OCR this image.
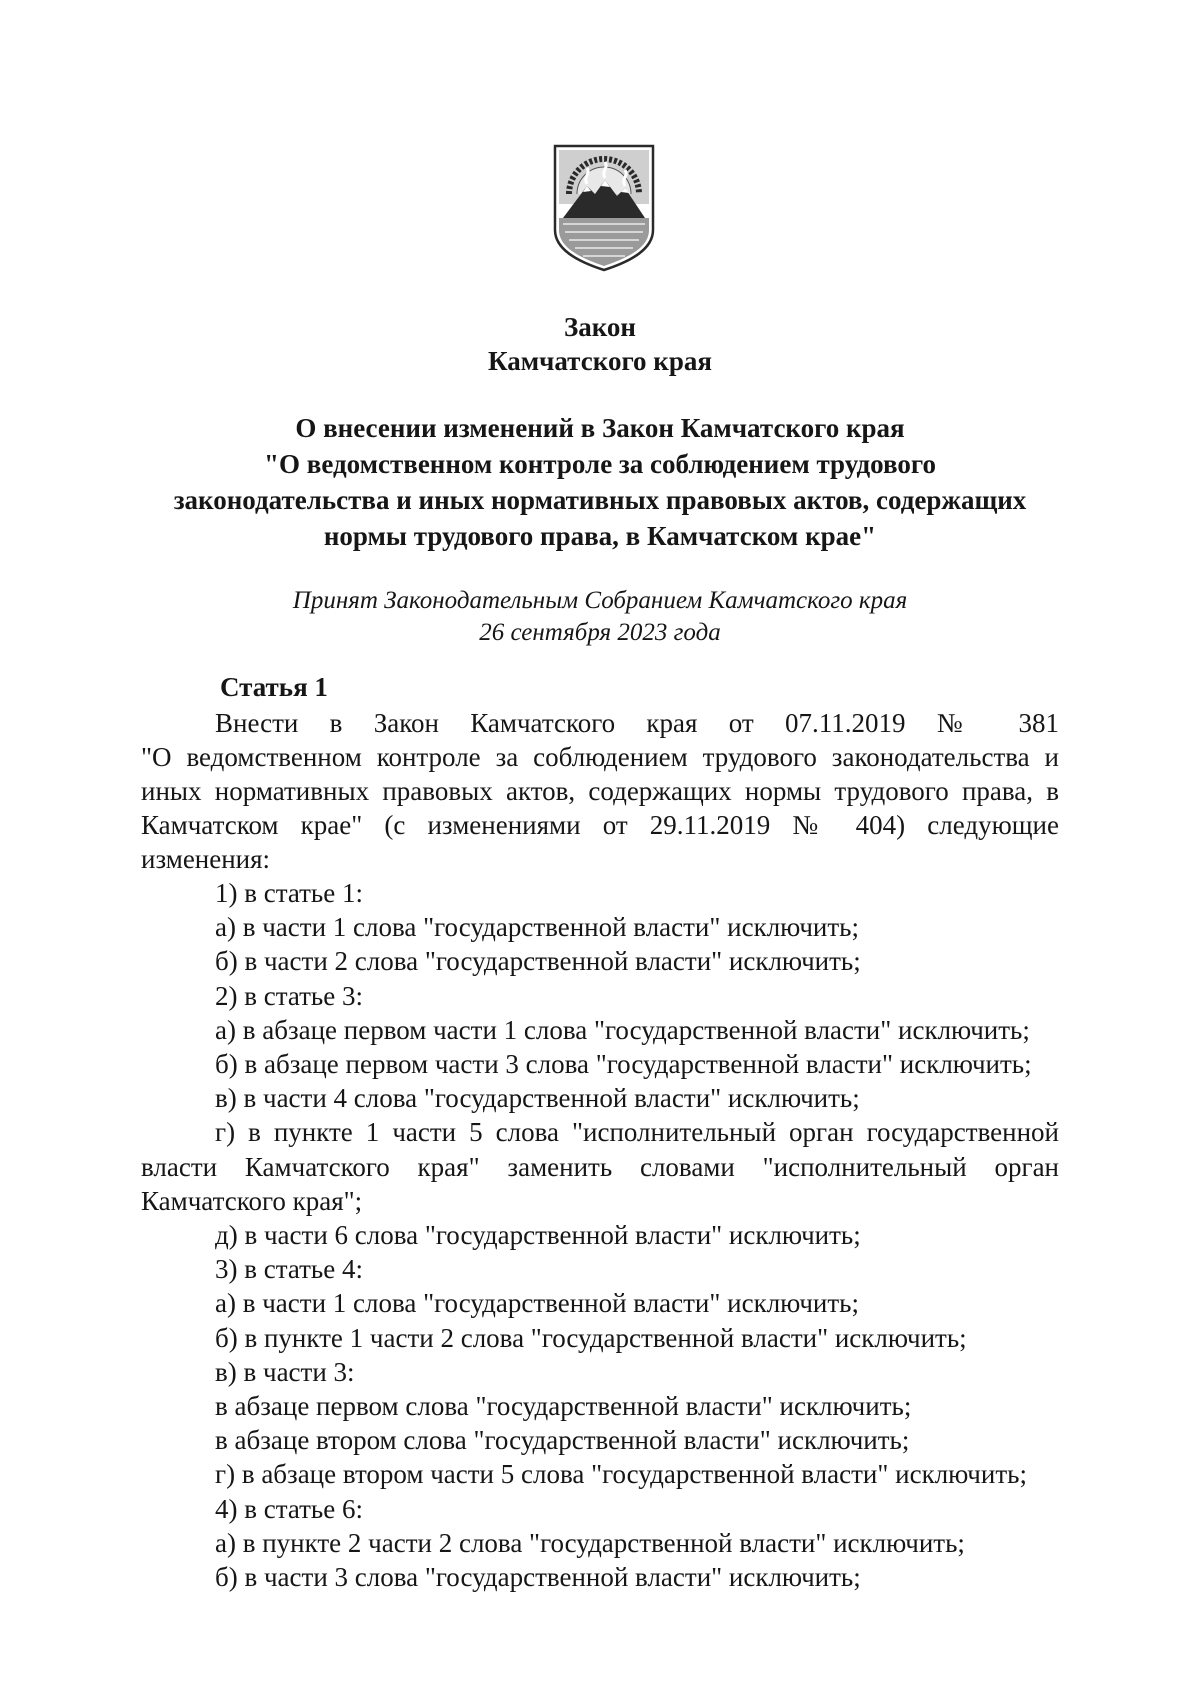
Закон
Камчатского края
О внесении изменений в Закон Камчатского края
"О ведомственном контроле за соблюдением трудового
законодательства и иных нормативных правовых актов, содержащих
нормы трудового права, в Камчатском крае"
Принят Законодательным Собранием Камчатского края
26 сентября 2023 года
Статья 1
Внести в Закон Камчатского края от 07.11.2019 № 381
"О ведомственном контроле за соблюдением трудового законодательства и
иных нормативных правовых актов, содержащих нормы трудового права, в
Камчатском крае" (с изменениями от 29.11.2019 № 404) следующие
изменения:
1) в статье 1:
а) в части 1 слова "государственной власти" исключить;
б) в части 2 слова "государственной власти" исключить;
2) в статье 3:
а) в абзаце первом части 1 слова "государственной власти" исключить;
б) в абзаце первом части 3 слова "государственной власти" исключить;
в) в части 4 слова "государственной власти" исключить;
г) в пункте 1 части 5 слова "исполнительный орган государственной
власти Камчатского края" заменить словами "исполнительный орган
Камчатского края";
д) в части 6 слова "государственной власти" исключить;
3) в статье 4:
а) в части 1 слова "государственной власти" исключить;
б) в пункте 1 части 2 слова "государственной власти" исключить;
в) в части 3:
в абзаце первом слова "государственной власти" исключить;
в абзаце втором слова "государственной власти" исключить;
г) в абзаце втором части 5 слова "государственной власти" исключить;
4) в статье 6:
а) в пункте 2 части 2 слова "государственной власти" исключить;
б) в части 3 слова "государственной власти" исключить;
